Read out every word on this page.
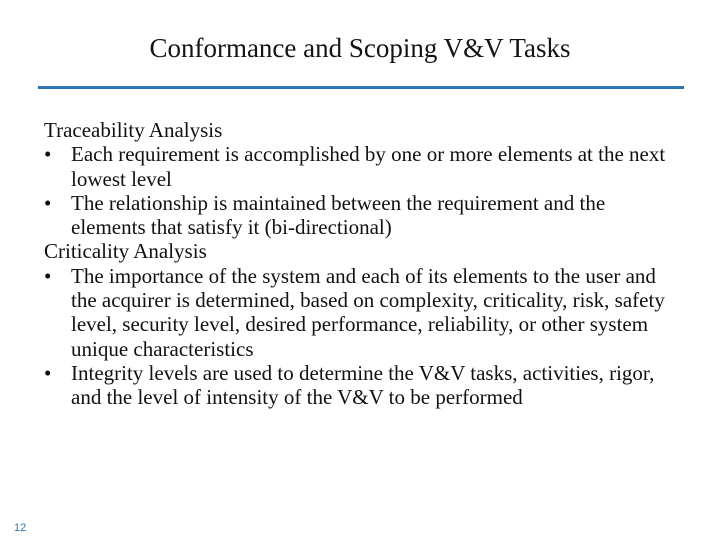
Conformance and Scoping V&V Tasks

Traceability Analysis

• Each requirement is accomplished by one or more elements at the next lowest level
• The relationship is maintained between the requirement and the elements that satisfy it (bi-directional)

Criticality Analysis

• The importance of the system and each of its elements to the user and the acquirer is determined, based on complexity, criticality, risk, safety level, security level, desired performance, reliability, or other system unique characteristics
• Integrity levels are used to determine the V&V tasks, activities, rigor, and the level of intensity of the V&V to be performed
12
